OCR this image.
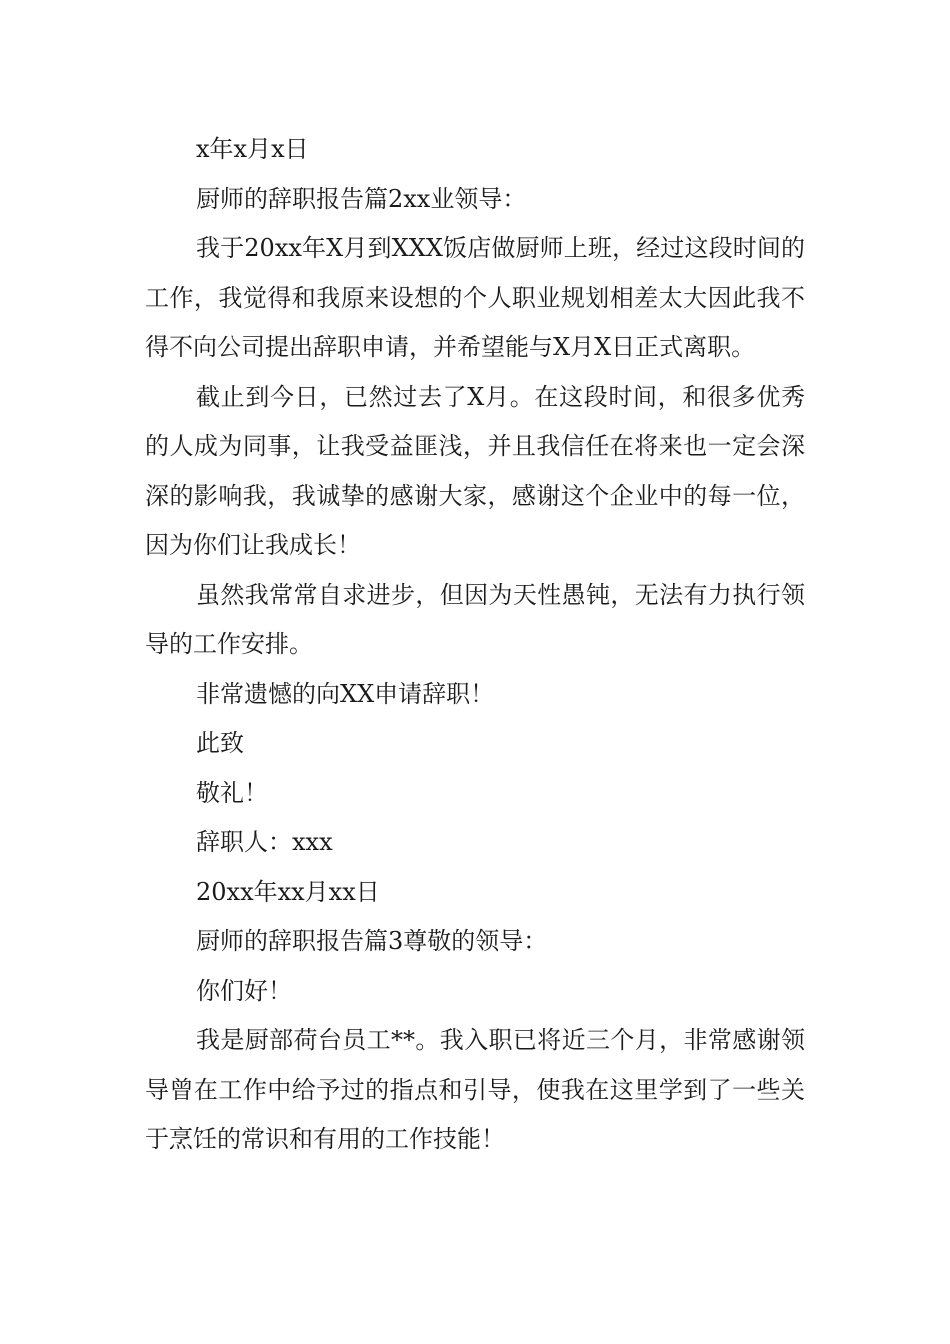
x年x月x日

厨师的辞职报告篇2xx业领导：

我于20xx年X月到XXX饭店做厨师上班，经过这段时间的工作，我觉得和我原来设想的个人职业规划相差太大因此我不得不向公司提出辞职申请，并希望能与X月X日正式离职。

截止到今日，已然过去了X月。在这段时间，和很多优秀的人成为同事，让我受益匪浅，并且我信任在将来也一定会深深的影响我，我诚挚的感谢大家，感谢这个企业中的每一位，因为你们让我成长！

虽然我常常自求进步，但因为天性愚钝，无法有力执行领导的工作安排。

非常遗憾的向XX申请辞职！

此致

敬礼！

辞职人：xxx

20xx年xx月xx日

厨师的辞职报告篇3尊敬的领导：

你们好！

我是厨部荷台员工**。我入职已将近三个月，非常感谢领导曾在工作中给予过的指点和引导，使我在这里学到了一些关于烹饪的常识和有用的工作技能！
